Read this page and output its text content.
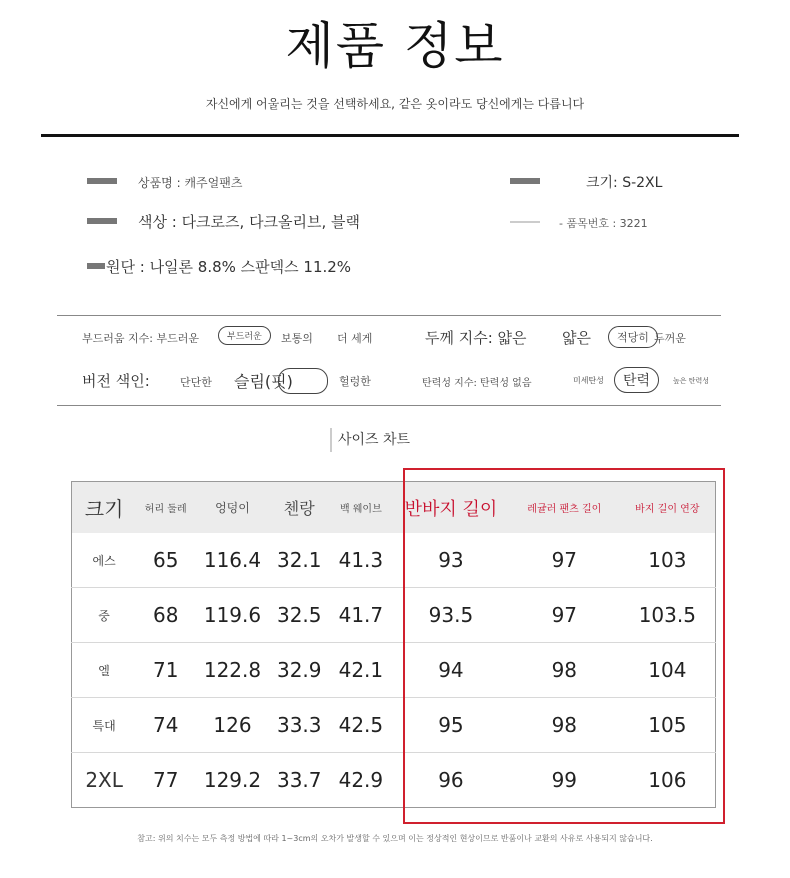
제품 정보
자신에게 어울리는 것을 선택하세요, 같은 옷이라도 당신에게는 다릅니다
상품명 : 캐주얼팬츠
색상 : 다크로즈, 다크올리브, 블랙
원단 : 나일론 8.8% 스판덱스 11.2%
크기: S-2XL
- 품목번호 : 3221
부드러움 지수: 부드러운	부드러운	보통의 더 세게	두께 지수: 얇은 얇은	적당히 두꺼운
버전 색인:	단단한 슬림(핏)	헐렁한	탄력성 지수: 탄력성 없음	미세탄성	탄력	높은 탄력성
사이즈 차트
크기	허리 둘레	엉덩이	첸랑	백 웨이브	반바지 길이	레귤러 팬츠 길이	바지 길이 연장
에스	65	116.4	32.1	41.3	93	97	103
중	68	119.6	32.5	41.7	93.5	97	103.5
엘	71	122.8	32.9	42.1	94	98	104
특대	74	126	33.3	42.5	95	98	105
2XL	77	129.2	33.7	42.9	96	99	106
참고: 위의 치수는 모두 측정 방법에 따라 1~3cm의 오차가 발생할 수 있으며 이는 정상적인 현상이므로 반품이나 교환의 사유로 사용되지 않습니다.
